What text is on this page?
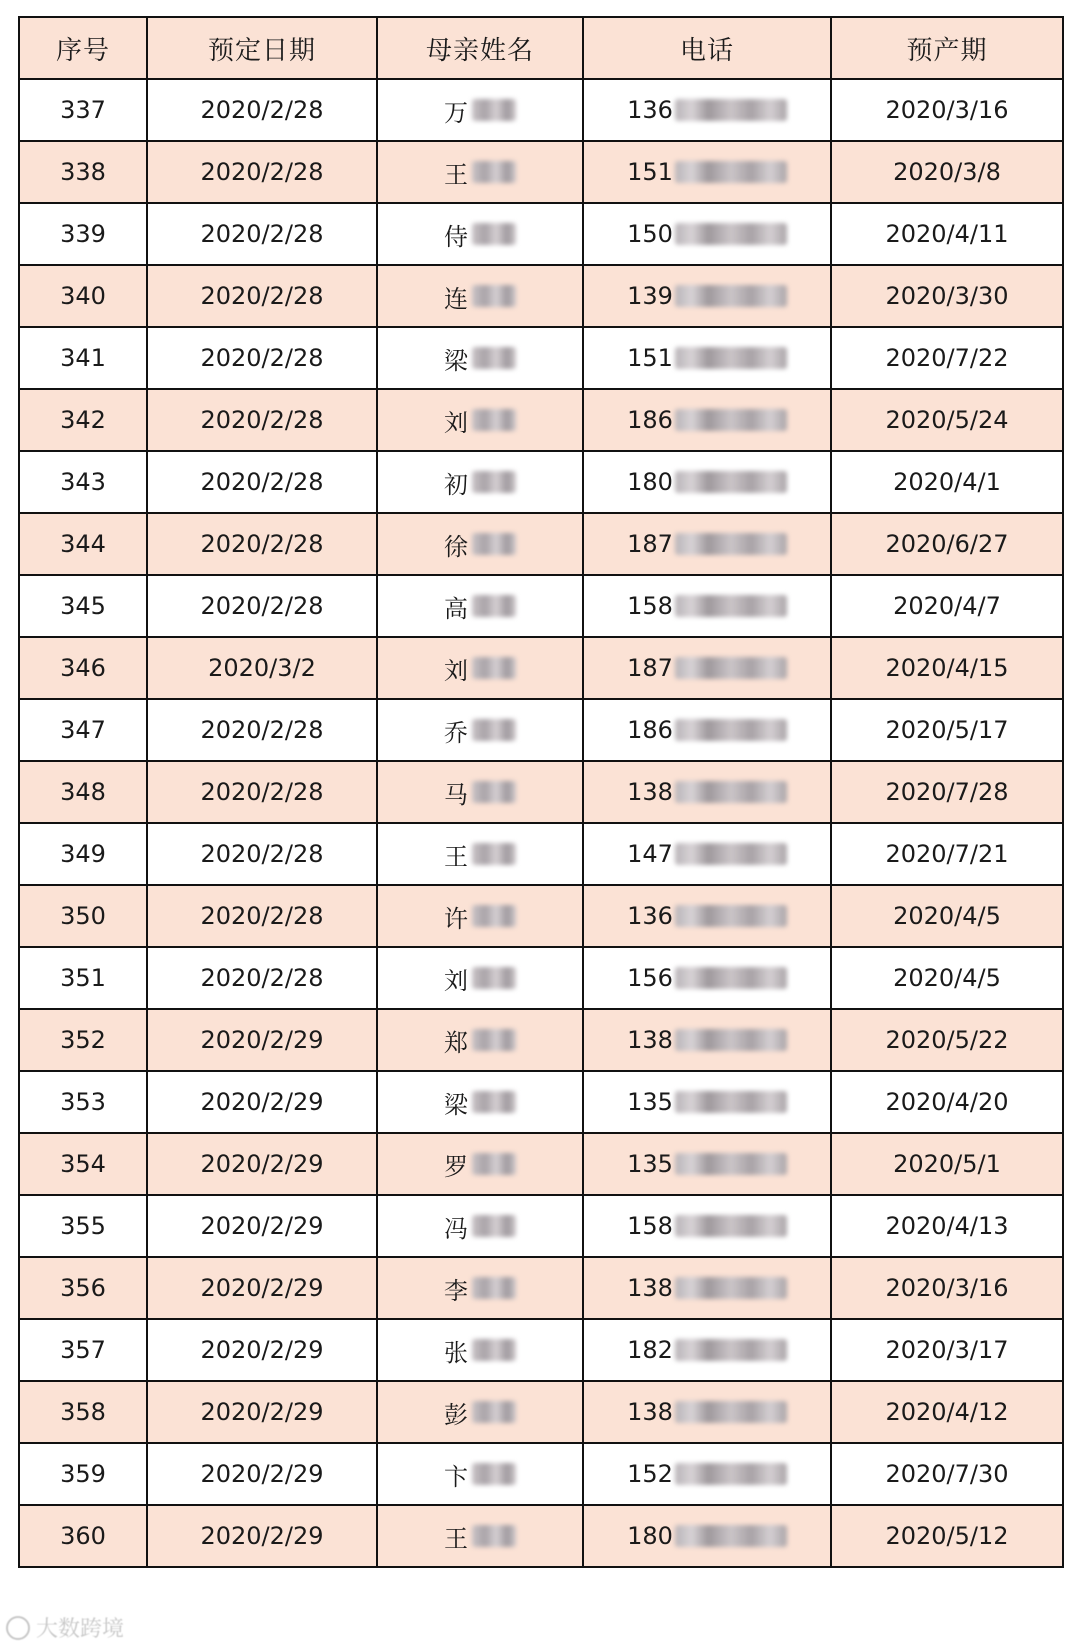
序号	预定日期	母亲姓名	电话	预产期
337	2020/2/28	万	136	2020/3/16
338	2020/2/28	王	151	2020/3/8
339	2020/2/28	侍	150	2020/4/11
340	2020/2/28	连	139	2020/3/30
341	2020/2/28	梁	151	2020/7/22
342	2020/2/28	刘	186	2020/5/24
343	2020/2/28	初	180	2020/4/1
344	2020/2/28	徐	187	2020/6/27
345	2020/2/28	高	158	2020/4/7
346	2020/3/2	刘	187	2020/4/15
347	2020/2/28	乔	186	2020/5/17
348	2020/2/28	马	138	2020/7/28
349	2020/2/28	王	147	2020/7/21
350	2020/2/28	许	136	2020/4/5
351	2020/2/28	刘	156	2020/4/5
352	2020/2/29	郑	138	2020/5/22
353	2020/2/29	梁	135	2020/4/20
354	2020/2/29	罗	135	2020/5/1
355	2020/2/29	冯	158	2020/4/13
356	2020/2/29	李	138	2020/3/16
357	2020/2/29	张	182	2020/3/17
358	2020/2/29	彭	138	2020/4/12
359	2020/2/29	卞	152	2020/7/30
360	2020/2/29	王	180	2020/5/12
大数跨境
